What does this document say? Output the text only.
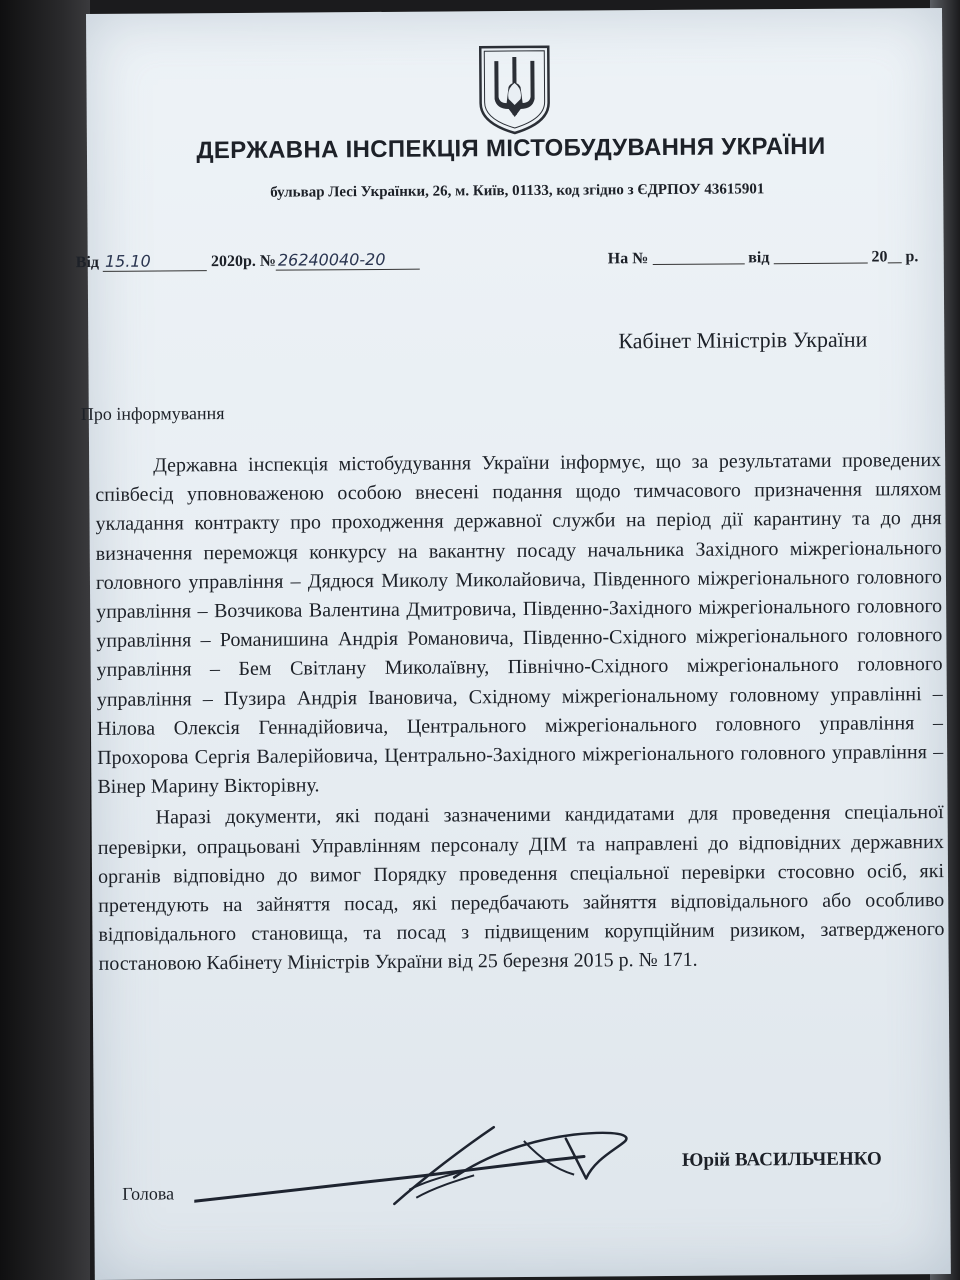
ДЕРЖАВНА ІНСПЕКЦІЯ МІСТОБУДУВАННЯ УКРАЇНИ
бульвар Лесі Українки, 26, м. Київ, 01133, код згідно з ЄДРПОУ 43615901
Від 15.10	2020р. № 26240040-20	На №	від	20 р.
Кабінет Міністрів України
Про інформування

Державна інспекція містобудування України інформує, що за результатами проведених співбесід уповноваженою особою внесені подання щодо тимчасового призначення шляхом укладання контракту про проходження державної служби на період дії карантину та до дня визначення переможця конкурсу на вакантну посаду начальника Західного міжрегіонального головного управління – Дядюся Миколу Миколайовича, Південного міжрегіонального головного управління – Возчикова Валентина Дмитровича, Південно-Західного міжрегіонального головного управління – Романишина Андрія Романовича, Південно-Східного міжрегіонального головного управління – Бем Світлану Миколаївну, Північно-Східного міжрегіонального головного управління – Пузира Андрія Івановича, Східному міжрегіональному головному управлінні – Нілова Олексія Геннадійовича, Центрального міжрегіонального головного управління – Прохорова Сергія Валерійовича, Центрально-Західного міжрегіонального головного управління – Вінер Марину Вікторівну.

Наразі документи, які подані зазначеними кандидатами для проведення спеціальної перевірки, опрацьовані Управлінням персоналу ДІМ та направлені до відповідних державних органів відповідно до вимог Порядку проведення спеціальної перевірки стосовно осіб, які претендують на зайняття посад, які передбачають зайняття відповідального або особливо відповідального становища, та посад з підвищеним корупційним ризиком, затвердженого постановою Кабінету Міністрів України від 25 березня 2015 р. № 171.

Юрій ВАСИЛЬЧЕНКО
Голова
